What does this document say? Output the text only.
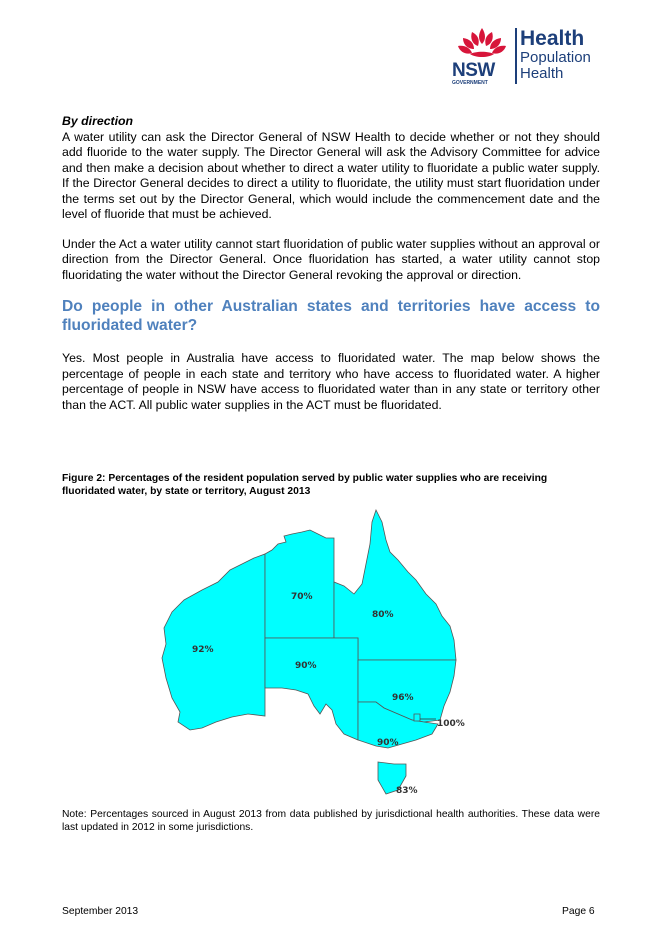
NSW
GOVERNMENT
Health
Population
Health
By direction

A water utility can ask the Director General of NSW Health to decide whether or not they should add fluoride to the water supply. The Director General will ask the Advisory Committee for advice and then make a decision about whether to direct a water utility to fluoridate a public water supply. If the Director General decides to direct a utility to fluoridate, the utility must start fluoridation under the terms set out by the Director General, which would include the commencement date and the level of fluoride that must be achieved.

Under the Act a water utility cannot start fluoridation of public water supplies without an approval or direction from the Director General. Once fluoridation has started, a water utility cannot stop fluoridating the water without the Director General revoking the approval or direction.

Do people in other Australian states and territories have access to fluoridated water?

Yes. Most people in Australia have access to fluoridated water. The map below shows the percentage of people in each state and territory who have access to fluoridated water. A higher percentage of people in NSW have access to fluoridated water than in any state or territory other than the ACT. All public water supplies in the ACT must be fluoridated.

Figure 2: Percentages of the resident population served by public water supplies who are receiving fluoridated water, by state or territory, August 2013
70%
80%
92%
90%
96%
100%
90%
83%
Note: Percentages sourced in August 2013 from data published by jurisdictional health authorities. These data were last updated in 2012 in some jurisdictions.
September 2013	Page 6
